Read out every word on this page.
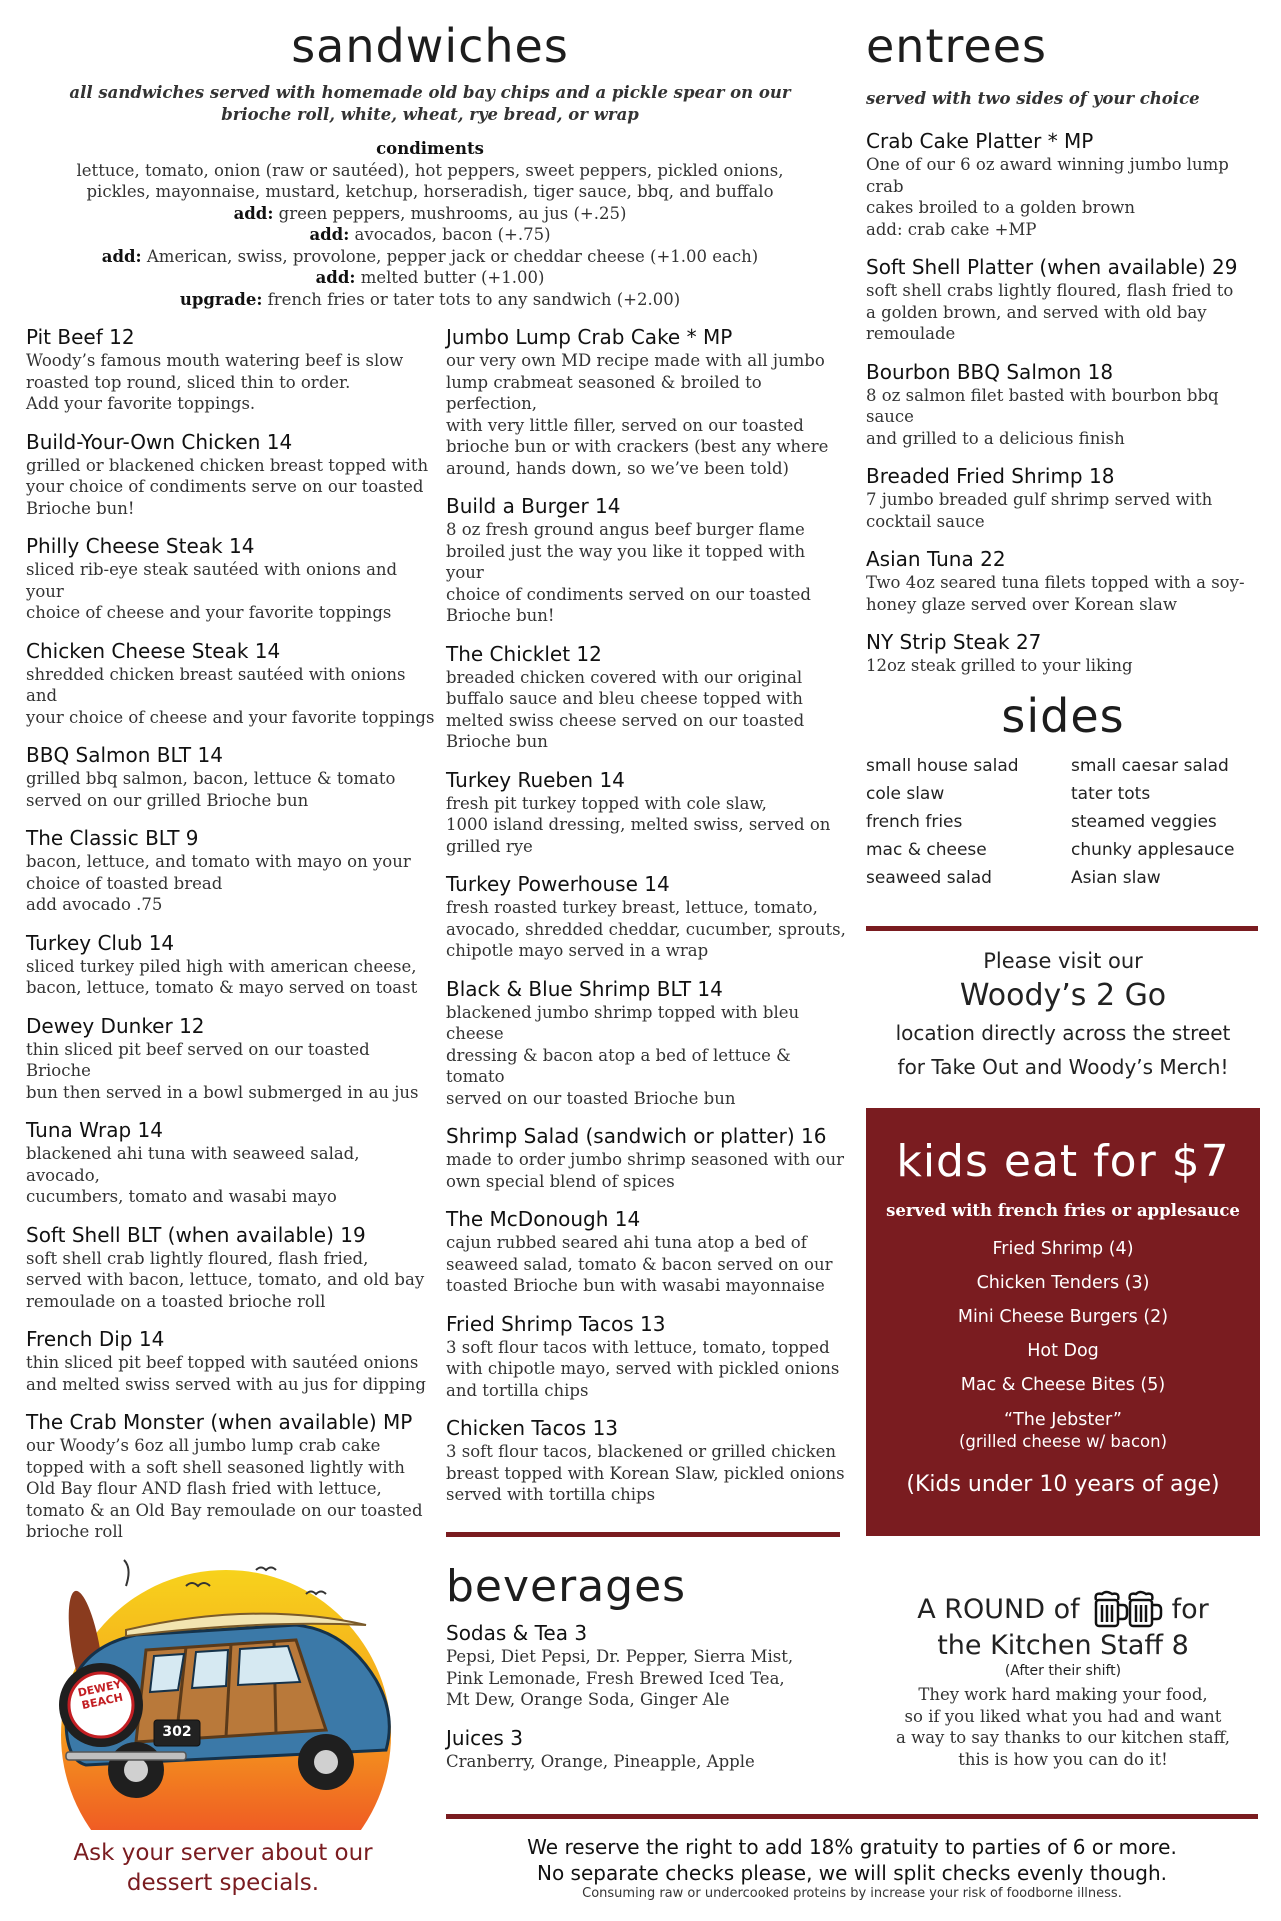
sandwiches
all sandwiches served with homemade old bay chips and a pickle spear on our
brioche roll, white, wheat, rye bread, or wrap
condiments
lettuce, tomato, onion (raw or sautéed), hot peppers, sweet peppers, pickled onions,
pickles, mayonnaise, mustard, ketchup, horseradish, tiger sauce, bbq, and buffalo
add: green peppers, mushrooms, au jus (+.25)
add: avocados, bacon (+.75)
add: American, swiss, provolone, pepper jack or cheddar cheese (+1.00 each)
add: melted butter (+1.00)
upgrade: french fries or tater tots to any sandwich (+2.00)
Pit Beef 12
Woody’s famous mouth watering beef is slow
roasted top round, sliced thin to order.
Add your favorite toppings.
Build-Your-Own Chicken 14
grilled or blackened chicken breast topped with
your choice of condiments serve on our toasted
Brioche bun!
Philly Cheese Steak 14
sliced rib-eye steak sautéed with onions and your
choice of cheese and your favorite toppings
Chicken Cheese Steak 14
shredded chicken breast sautéed with onions and
your choice of cheese and your favorite toppings
BBQ Salmon BLT 14
grilled bbq salmon, bacon, lettuce & tomato
served on our grilled Brioche bun
The Classic BLT 9
bacon, lettuce, and tomato with mayo on your
choice of toasted bread
add avocado .75
Turkey Club 14
sliced turkey piled high with american cheese,
bacon, lettuce, tomato & mayo served on toast
Dewey Dunker 12
thin sliced pit beef served on our toasted Brioche
bun then served in a bowl submerged in au jus
Tuna Wrap 14
blackened ahi tuna with seaweed salad, avocado,
cucumbers, tomato and wasabi mayo
Soft Shell BLT (when available) 19
soft shell crab lightly floured, flash fried,
served with bacon, lettuce, tomato, and old bay
remoulade on a toasted brioche roll
French Dip 14
thin sliced pit beef topped with sautéed onions
and melted swiss served with au jus for dipping
The Crab Monster (when available) MP
our Woody’s 6oz all jumbo lump crab cake
topped with a soft shell seasoned lightly with
Old Bay flour AND flash fried with lettuce,
tomato & an Old Bay remoulade on our toasted
brioche roll
Jumbo Lump Crab Cake * MP
our very own MD recipe made with all jumbo
lump crabmeat seasoned & broiled to perfection,
with very little filler, served on our toasted
brioche bun or with crackers (best any where
around, hands down, so we’ve been told)
Build a Burger 14
8 oz fresh ground angus beef burger flame
broiled just the way you like it topped with your
choice of condiments served on our toasted
Brioche bun!
The Chicklet 12
breaded chicken covered with our original
buffalo sauce and bleu cheese topped with
melted swiss cheese served on our toasted
Brioche bun
Turkey Rueben 14
fresh pit turkey topped with cole slaw,
1000 island dressing, melted swiss, served on
grilled rye
Turkey Powerhouse 14
fresh roasted turkey breast, lettuce, tomato,
avocado, shredded cheddar, cucumber, sprouts,
chipotle mayo served in a wrap
Black & Blue Shrimp BLT 14
blackened jumbo shrimp topped with bleu cheese
dressing & bacon atop a bed of lettuce & tomato
served on our toasted Brioche bun
Shrimp Salad (sandwich or platter) 16
made to order jumbo shrimp seasoned with our
own special blend of spices
The McDonough 14
cajun rubbed seared ahi tuna atop a bed of
seaweed salad, tomato & bacon served on our
toasted Brioche bun with wasabi mayonnaise
Fried Shrimp Tacos 13
3 soft flour tacos with lettuce, tomato, topped
with chipotle mayo, served with pickled onions
and tortilla chips
Chicken Tacos 13
3 soft flour tacos, blackened or grilled chicken
breast topped with Korean Slaw, pickled onions
served with tortilla chips
entrees
served with two sides of your choice
Crab Cake Platter * MP
One of our 6 oz award winning jumbo lump crab
cakes broiled to a golden brown
add: crab cake +MP
Soft Shell Platter (when available) 29
soft shell crabs lightly floured, flash fried to
a golden brown, and served with old bay
remoulade
Bourbon BBQ Salmon 18
8 oz salmon filet basted with bourbon bbq sauce
and grilled to a delicious finish
Breaded Fried Shrimp 18
7 jumbo breaded gulf shrimp served with
cocktail sauce
Asian Tuna 22
Two 4oz seared tuna filets topped with a soy-
honey glaze served over Korean slaw
NY Strip Steak 27
12oz steak grilled to your liking
sides
small house salad
cole slaw
french fries
mac & cheese
seaweed salad
small caesar salad
tater tots
steamed veggies
chunky applesauce
Asian slaw
Please visit our
Woody’s 2 Go
location directly across the street
for Take Out and Woody’s Merch!
kids eat for $7
served with french fries or applesauce
Fried Shrimp (4)
Chicken Tenders (3)
Mini Cheese Burgers (2)
Hot Dog
Mac & Cheese Bites (5)
“The Jebster”
(grilled cheese w/ bacon)
(Kids under 10 years of age)
beverages
Sodas & Tea 3
Pepsi, Diet Pepsi, Dr. Pepper, Sierra Mist,
Pink Lemonade, Fresh Brewed Iced Tea,
Mt Dew, Orange Soda, Ginger Ale
Juices 3
Cranberry, Orange, Pineapple, Apple
A ROUND of	for
the Kitchen Staff 8
(After their shift)
They work hard making your food,
so if you liked what you had and want
a way to say thanks to our kitchen staff,
this is how you can do it!
DEWEY BEACH
302
Ask your server about our
dessert specials.
We reserve the right to add 18% gratuity to parties of 6 or more.
No separate checks please, we will split checks evenly though.
Consuming raw or undercooked proteins by increase your risk of foodborne illness.
